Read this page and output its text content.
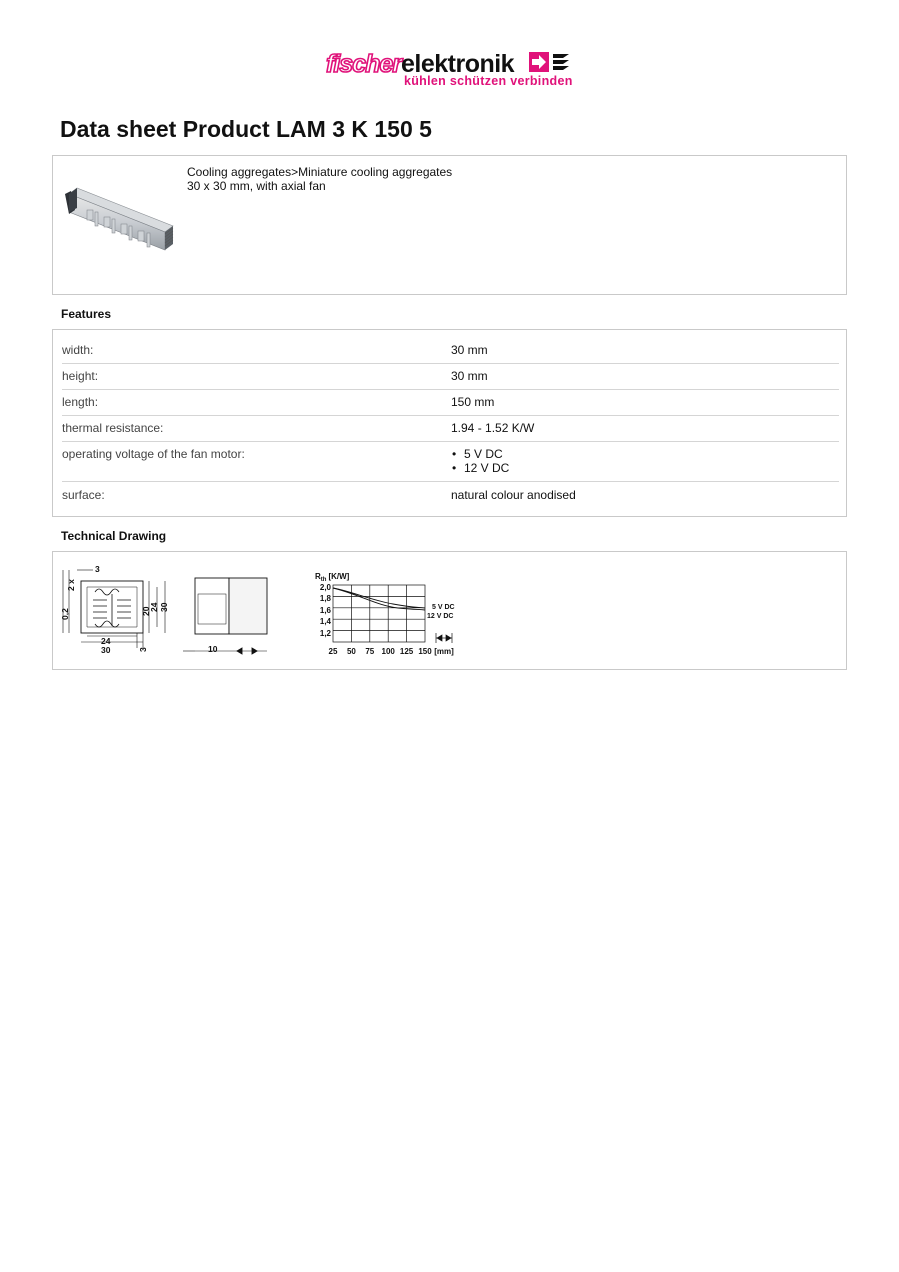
fischerelektronik
kühlen schützen verbinden
Data sheet Product LAM 3 K 150 5
Cooling aggregates>Miniature cooling aggregates
30 x 30 mm, with axial fan
Features
width:	30 mm
height:	30 mm
length:	150 mm
thermal resistance:	1.94 - 1.52 K/W
operating voltage of the fan motor:
•	5 V DC
• 12 V DC
surface:	natural colour anodised
Technical Drawing
3
0,2
2 x
24 30
20
3
24
30	10
$R_{th}$ [K/W]
2,0
1,8
1,6
1,4
1,2
25 50 75 100 125 150 [mm]
5 V DC
12 V DC
